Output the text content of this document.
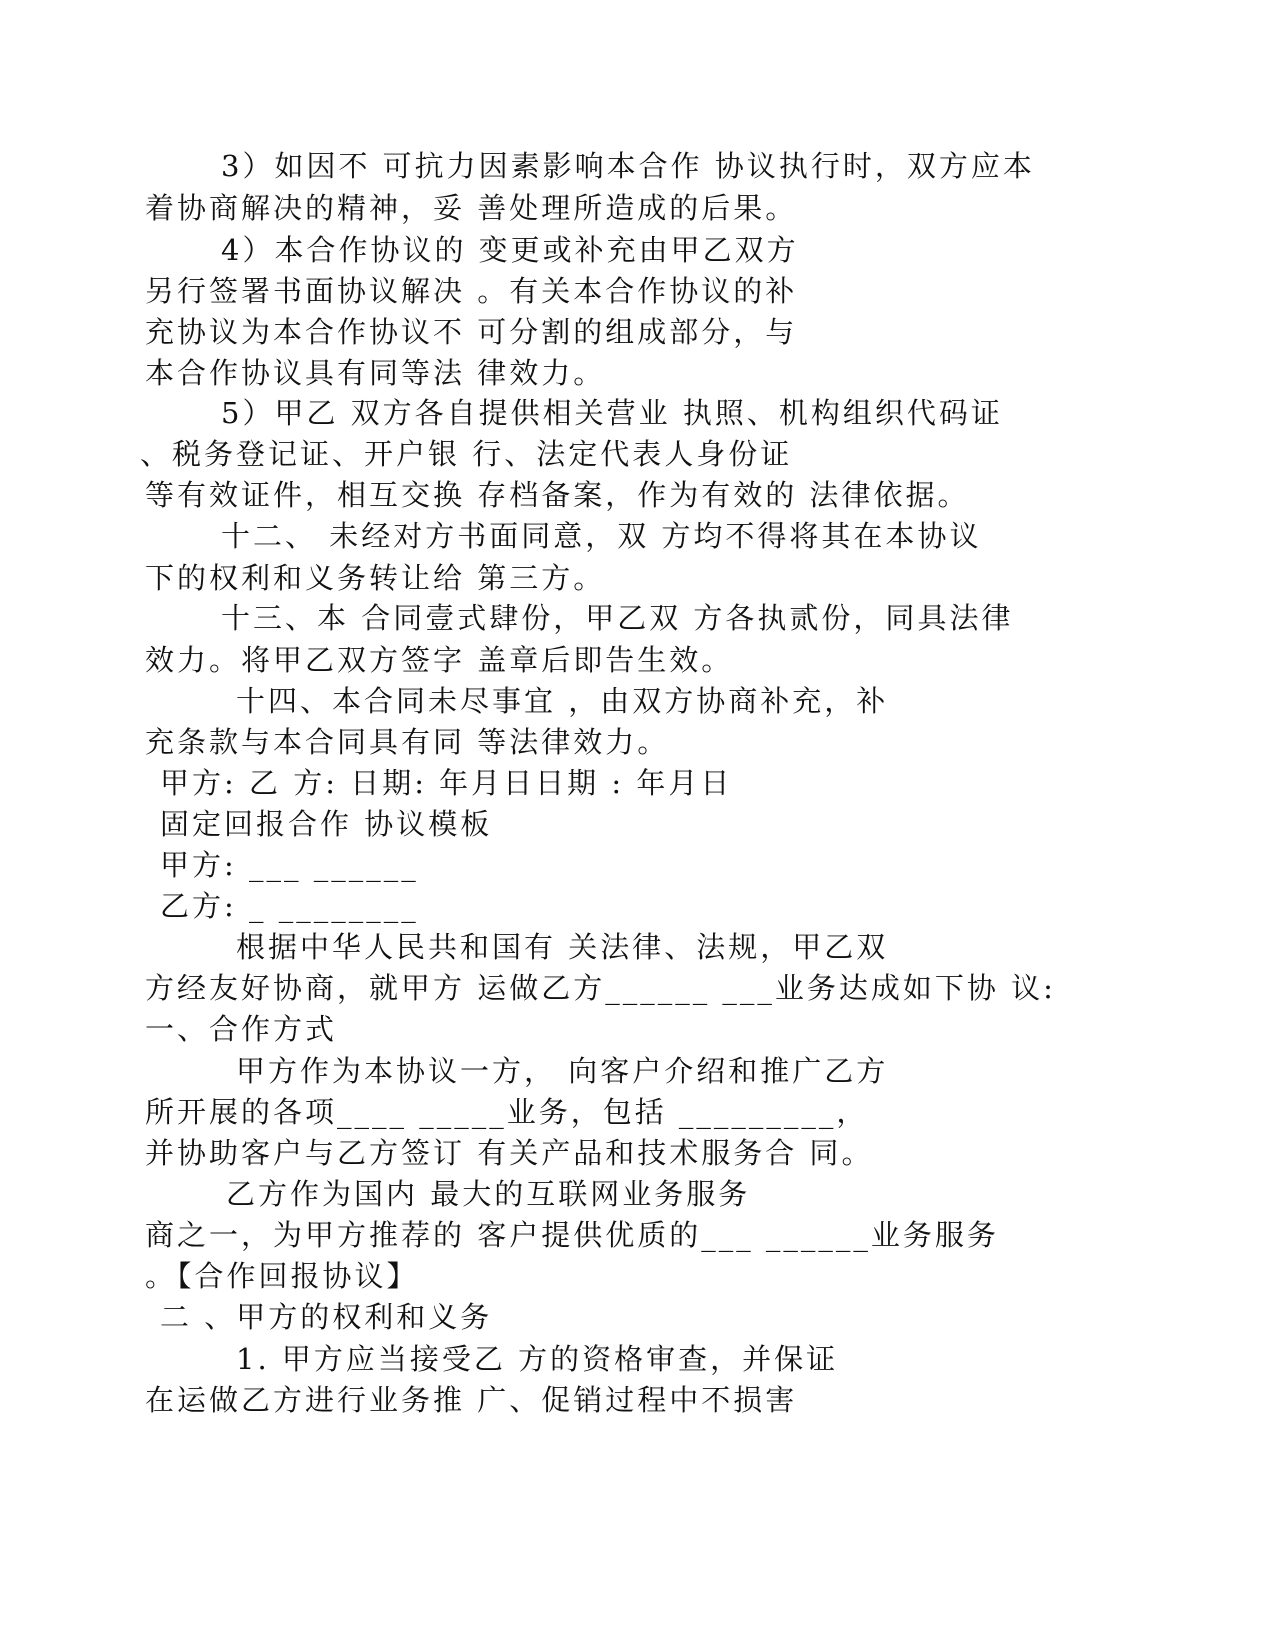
3）如因不 可抗力因素影响本合作 协议执行时，双方应本

着协商解决的精神，妥 善处理所造成的后果。

4）本合作协议的 变更或补充由甲乙双方

另行签署书面协议解决 。有关本合作协议的补

充协议为本合作协议不 可分割的组成部分，与

本合作协议具有同等法 律效力。

5）甲乙 双方各自提供相关营业 执照、机构组织代码证

、税务登记证、开户银 行、法定代表人身份证

等有效证件，相互交换 存档备案，作为有效的 法律依据。

十二、 未经对方书面同意，双 方均不得将其在本协议

下的权利和义务转让给 第三方。

十三、本 合同壹式肆份，甲乙双 方各执贰份，同具法律

效力。将甲乙双方签字 盖章后即告生效。

十四、本合同未尽事宜 ，由双方协商补充，补

充条款与本合同具有同 等法律效力。

甲方: 乙 方: 日期: 年月日日期 : 年月日

固定回报合作 协议模板

甲方: ___ ______

乙方: _ ________

根据中华人民共和国有 关法律、法规，甲乙双

方经友好协商，就甲方 运做乙方______ ___业务达成如下协 议:

一、合作方式

甲方作为本协议一方， 向客户介绍和推广乙方

所开展的各项____ _____业务，包括 _________，

并协助客户与乙方签订 有关产品和技术服务合 同。

乙方作为国内 最大的互联网业务服务

商之一，为甲方推荐的 客户提供优质的___ ______业务服务

。【合作回报协议】

二 、甲方的权利和义务

1. 甲方应当接受乙 方的资格审查，并保证

在运做乙方进行业务推 广、促销过程中不损害
